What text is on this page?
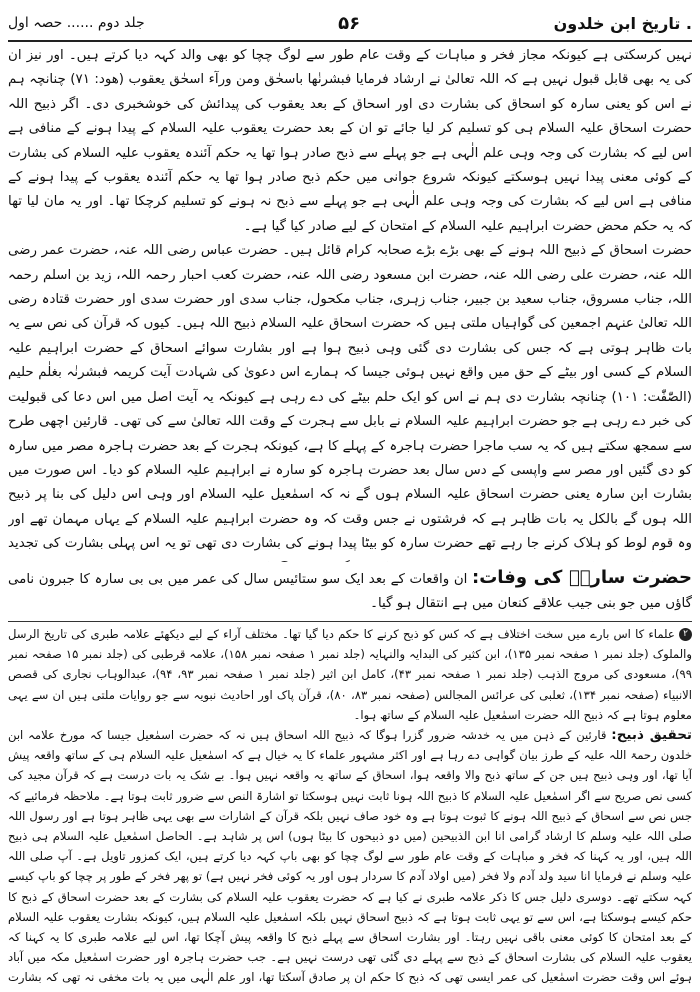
. تاریخ ابن خلدون
۵۶
جلد دوم ...... حصہ اول

نہیں کرسکتی ہے کیونکہ مجاز فخر و مباہات کے وقت عام طور سے لوگ چچا کو بھی والد کہہ دیا کرتے ہیں۔ اور نیز ان کی یہ بھی قابل قبول نہیں ہے کہ اللہ تعالیٰ نے ارشاد فرمایا فبشرنٰھا باسحٰق ومن ورآء اسحٰق یعقوب (ھود: ۷۱) چنانچہ ہم نے اس کو یعنی سارہ کو اسحاق کی بشارت دی اور اسحاق کے بعد یعقوب کی پیدائش کی خوشخبری دی۔ اگر ذبیح اللہ حضرت اسحاق علیہ السلام ہی کو تسلیم کر لیا جائے تو ان کے بعد حضرت یعقوب علیہ السلام کے پیدا ہونے کے منافی ہے اس لیے کہ بشارت کی وجہ وہی علم الٰہی ہے جو پہلے سے ذبح صادر ہوا تھا یہ حکم آئندہ یعقوب علیہ السلام کی بشارت کے کوئی معنی پیدا نہیں ہوسکتے کیونکہ شروع جوانی میں حکم ذبح صادر ہوا تھا یہ حکم آئندہ یعقوب کے پیدا ہونے کے منافی ہے اس لیے کہ بشارت کی وجہ وہی علم الٰہی ہے جو پہلے سے ذبح نہ ہونے کو تسلیم کرچکا تھا۔ اور یہ مان لیا تھا کہ یہ حکم محض حضرت ابراہیم علیہ السلام کے امتحان کے لیے صادر کیا گیا ہے۔

حضرت اسحاق کے ذبیح اللہ ہونے کے بھی بڑے بڑے صحابہ کرام قائل ہیں۔ حضرت عباس رضی اللہ عنہ، حضرت عمر رضی اللہ عنہ، حضرت علی رضی اللہ عنہ، حضرت ابن مسعود رضی اللہ عنہ، حضرت کعب احبار رحمہ اللہ، زید بن اسلم رحمہ اللہ، جناب مسروق، جناب سعید بن جبیر، جناب زہری، جناب مکحول، جناب سدی اور حضرت سدی اور حضرت قتادہ رضی اللہ تعالیٰ عنہم اجمعین کی گواہیاں ملتی ہیں کہ حضرت اسحاق علیہ السلام ذبیح اللہ ہیں۔ کیوں کہ قرآن کی نص سے یہ بات ظاہر ہوتی ہے کہ جس کی بشارت دی گئی وہی ذبیح ہوا ہے اور بشارت سوائے اسحاق کے حضرت ابراہیم علیہ السلام کے کسی اور بیٹے کے حق میں واقع نہیں ہوئی جیسا کہ ہمارے اس دعویٰ کی شہادت آیت کریمہ فبشرنٰہ بغلٰم حلیم (الصّٰفّٰت: ۱۰۱) چنانچہ بشارت دی ہم نے اس کو ایک حلم بیٹے کی دے رہی ہے کیونکہ یہ آیت اصل میں اس دعا کی قبولیت کی خبر دے رہی ہے جو حضرت ابراہیم علیہ السلام نے بابل سے ہجرت کے وقت اللہ تعالیٰ سے کی تھی۔ قارئین اچھی طرح سے سمجھ سکتے ہیں کہ یہ سب ماجرا حضرت ہاجرہ کے پہلے کا ہے، کیونکہ ہجرت کے بعد حضرت ہاجرہ مصر میں سارہ کو دی گئیں اور مصر سے واپسی کے دس سال بعد حضرت ہاجرہ کو سارہ نے ابراہیم علیہ السلام کو دیا۔ اس صورت میں بشارت ابن سارہ یعنی حضرت اسحاق علیہ السلام ہوں گے نہ کہ اسمٰعیل علیہ السلام اور وہی اس دلیل کی بنا پر ذبیح اللہ ہوں گے بالکل یہ بات ظاہر ہے کہ فرشتوں نے جس وقت کہ وہ حضرت ابراہیم علیہ السلام کے یہاں مہمان تھے اور وہ قوم لوط کو ہلاک کرنے جا رہے تھے حضرت سارہ کو بیٹا پیدا ہونے کی بشارت دی تھی تو یہ اس پہلی بشارت کی تجدید

حضرت سارہؓ کی وفات: ان واقعات کے بعد ایک سو ستائیس سال کی عمر میں بی بی سارہ کا جبرون نامی گاؤں میں جو بنی جیب علاقے کنعان میں ہے انتقال ہو گیا۔

۲ علماء کا اس بارے میں سخت اختلاف ہے کہ کس کو ذبح کرنے کا حکم دیا گیا تھا۔ مختلف آراء کے لیے دیکھئے علامہ طبری کی تاریخ الرسل والملوک (جلد نمبر ۱ صفحہ نمبر ۱۳۵)، ابن کثیر کی البدایہ والنہایہ (جلد نمبر ۱ صفحہ نمبر ۱۵۸)، علامہ قرطبی کی (جلد نمبر ۱۵ صفحہ نمبر ۹۹)، مسعودی کی مروج الذہب (جلد نمبر ۱ صفحہ نمبر ۴۳)، کامل ابن اثیر (جلد نمبر ۱ صفحہ نمبر ۹۳، ۹۴)، عبدالوہاب نجاری کی قصص الانبیاء (صفحہ نمبر ۱۳۴)، ثعلبی کی عرائس المجالس (صفحہ نمبر ۸۳، ۸۰)، قرآن پاک اور احادیث نبویہ سے جو روایات ملتی ہیں ان سے یہی معلوم ہوتا ہے کہ ذبیح اللہ حضرت اسمٰعیل علیہ السلام کے ساتھ ہوا۔

تحقیق ذبیح: قارئین کے ذہن میں یہ خدشہ ضرور گزرا ہوگا کہ ذبیح اللہ اسحاق ہیں نہ کہ حضرت اسمٰعیل جیسا کہ مورخ علامہ ابن خلدون رحمۃ اللہ علیہ کے طرز بیان گواہی دے رہا ہے اور اکثر مشہور علماء کا یہ خیال ہے کہ اسمٰعیل علیہ السلام ہی کے ساتھ واقعہ پیش آیا تھا، اور وہی ذبیح ہیں جن کے ساتھ ذبح والا واقعہ ہوا، اسحاق کے ساتھ یہ واقعہ نہیں ہوا۔ بے شک یہ بات درست ہے کہ قرآن مجید کی کسی نص صریح سے اگر اسمٰعیل علیہ السلام کا ذبیح اللہ ہونا ثابت نہیں ہوسکتا تو اشارۃ النص سے ضرور ثابت ہوتا ہے۔ ملاحظہ فرمائیے کہ جس نص سے اسحاق کے ذبیح اللہ ہونے کا ثبوت ہوتا ہے وہ خود صاف نہیں بلکہ قرآن کے اشارات سے بھی یہی ظاہر ہوتا ہے اور رسول اللہ صلی اللہ علیہ وسلم کا ارشاد گرامی انا ابن الذبیحین (میں دو ذبیحوں کا بیٹا ہوں) اس پر شاہد ہے۔ الحاصل اسمٰعیل علیہ السلام ہی ذبیح اللہ ہیں، اور یہ کہنا کہ فخر و مباہات کے وقت عام طور سے لوگ چچا کو بھی باپ کہہ دیا کرتے ہیں، ایک کمزور تاویل ہے۔ آپ صلی اللہ علیہ وسلم نے فرمایا انا سید ولد آدم ولا فخر (میں اولاد آدم کا سردار ہوں اور یہ کوئی فخر نہیں ہے) تو پھر فخر کے طور پر چچا کو باپ کیسے کہہ سکتے تھے۔ دوسری دلیل جس کا ذکر علامہ طبری نے کیا ہے کہ حضرت یعقوب علیہ السلام کی بشارت کے بعد حضرت اسحاق کے ذبح کا حکم کیسے ہوسکتا ہے، اس سے تو یہی ثابت ہوتا ہے کہ ذبیح اسحاق نہیں بلکہ اسمٰعیل علیہ السلام ہیں، کیونکہ بشارت یعقوب علیہ السلام کے بعد امتحان کا کوئی معنی باقی نہیں رہتا۔ اور بشارت اسحاق سے پہلے ذبح کا واقعہ پیش آچکا تھا، اس لیے علامہ طبری کا یہ کہنا کہ یعقوب علیہ السلام کی بشارت اسحاق کے ذبح سے پہلے دی گئی تھی درست نہیں ہے۔ جب حضرت ہاجرہ اور حضرت اسمٰعیل مکہ میں آباد ہوئے اس وقت حضرت اسمٰعیل کی عمر ایسی تھی کہ ذبح کا حکم ان پر صادق آسکتا تھا، اور علم الٰہی میں یہ بات مخفی نہ تھی کہ بشارت
